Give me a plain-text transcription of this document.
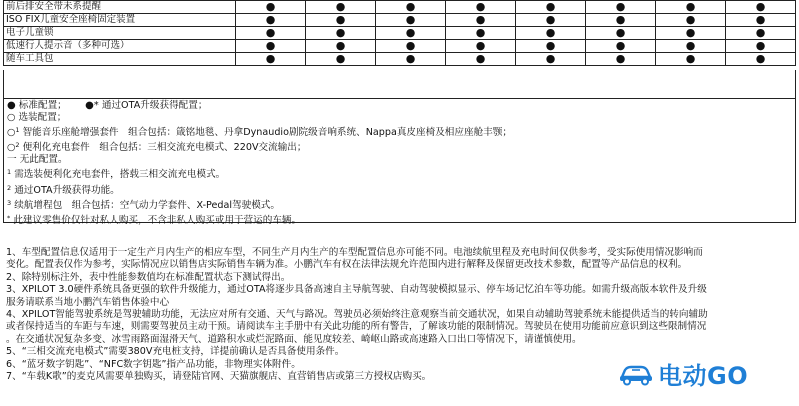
前后排安全带未系提醒	●	●	●	●	●	●	●	●
ISO FIX儿童安全座椅固定装置	●	●	●	●	●	●	●	●
电子儿童锁	●	●	●	●	●	●	●	●
低速行人提示音（多种可选）	●	●	●	●	●	●	●	●
随车工具包	●	●	●	●	●	●	●	●
● 标准配置； ●* 通过OTA升级获得配置；
○ 选装配置；
○$^1$ 智能音乐座舱增强套件　组合包括：箴铭地毯、丹拿Dynaudio剧院级音响系统、Nappa真皮座椅及相应座舱丰颚；
○$^2$ 便利化充电套件　组合包括：三相交流充电模式、220V交流输出；
一 无此配置。
$^1$ 需选装便利化充电套件，搭载三相交流充电模式。
$^2$ 通过OTA升级获得功能。
$^3$ 续航增程包　组合包括：空气动力学套件、X-Pedal驾驶模式。
* 此建议零售价仅针对私人购买，不含非私人购买或用于营运的车辆。
1、车型配置信息仅适用于一定生产月内生产的相应车型，不同生产月内生产的车型配置信息亦可能不同。电池续航里程及充电时间仅供参考，受实际使用情况影响而
变化。配置表仅作为参考，实际情况应以销售店实际销售车辆为准。小鹏汽车有权在法律法规允许范围内进行解释及保留更改技术参数，配置等产品信息的权利。
2、除特别标注外，表中性能参数值均在标准配置状态下测试得出。
3、XPILOT 3.0硬件系统具备更强的软件升级能力，通过OTA将逐步具备高速自主导航驾驶、自动驾驶模拟显示、停车场记忆泊车等功能。如需升级高版本软件及升级
服务请联系当地小鹏汽车销售体验中心
4、XPILOT智能驾驶系统是驾驶辅助功能，无法应对所有交通、天气与路况。驾驶员必须始终注意观察当前交通状况，如果自动辅助驾驶系统未能提供适当的转向辅助
或者保持适当的车距与车速，则需要驾驶员主动干预。请阅读车主手册中有关此功能的所有警告，了解该功能的限制情况。驾驶员在使用功能前应意识到这些限制情况
。在交通状况复杂多变、冰雪雨路面湿滑天气、道路积水或烂泥路面、能见度较差、崎岖山路或高速路入口出口等情况下，请谨慎使用。
5、“三相交流充电模式”需要380V充电桩支持，详提前确认是否具备使用条件。
6、“蓝牙数字钥匙”、“NFC数字钥匙”指产品功能，非物理实体附件。
7、“车载K歌”的麦克风需要单独购买，请登陆官网、天猫旗舰店、直营销售店或第三方授权店购买。	电动GO
